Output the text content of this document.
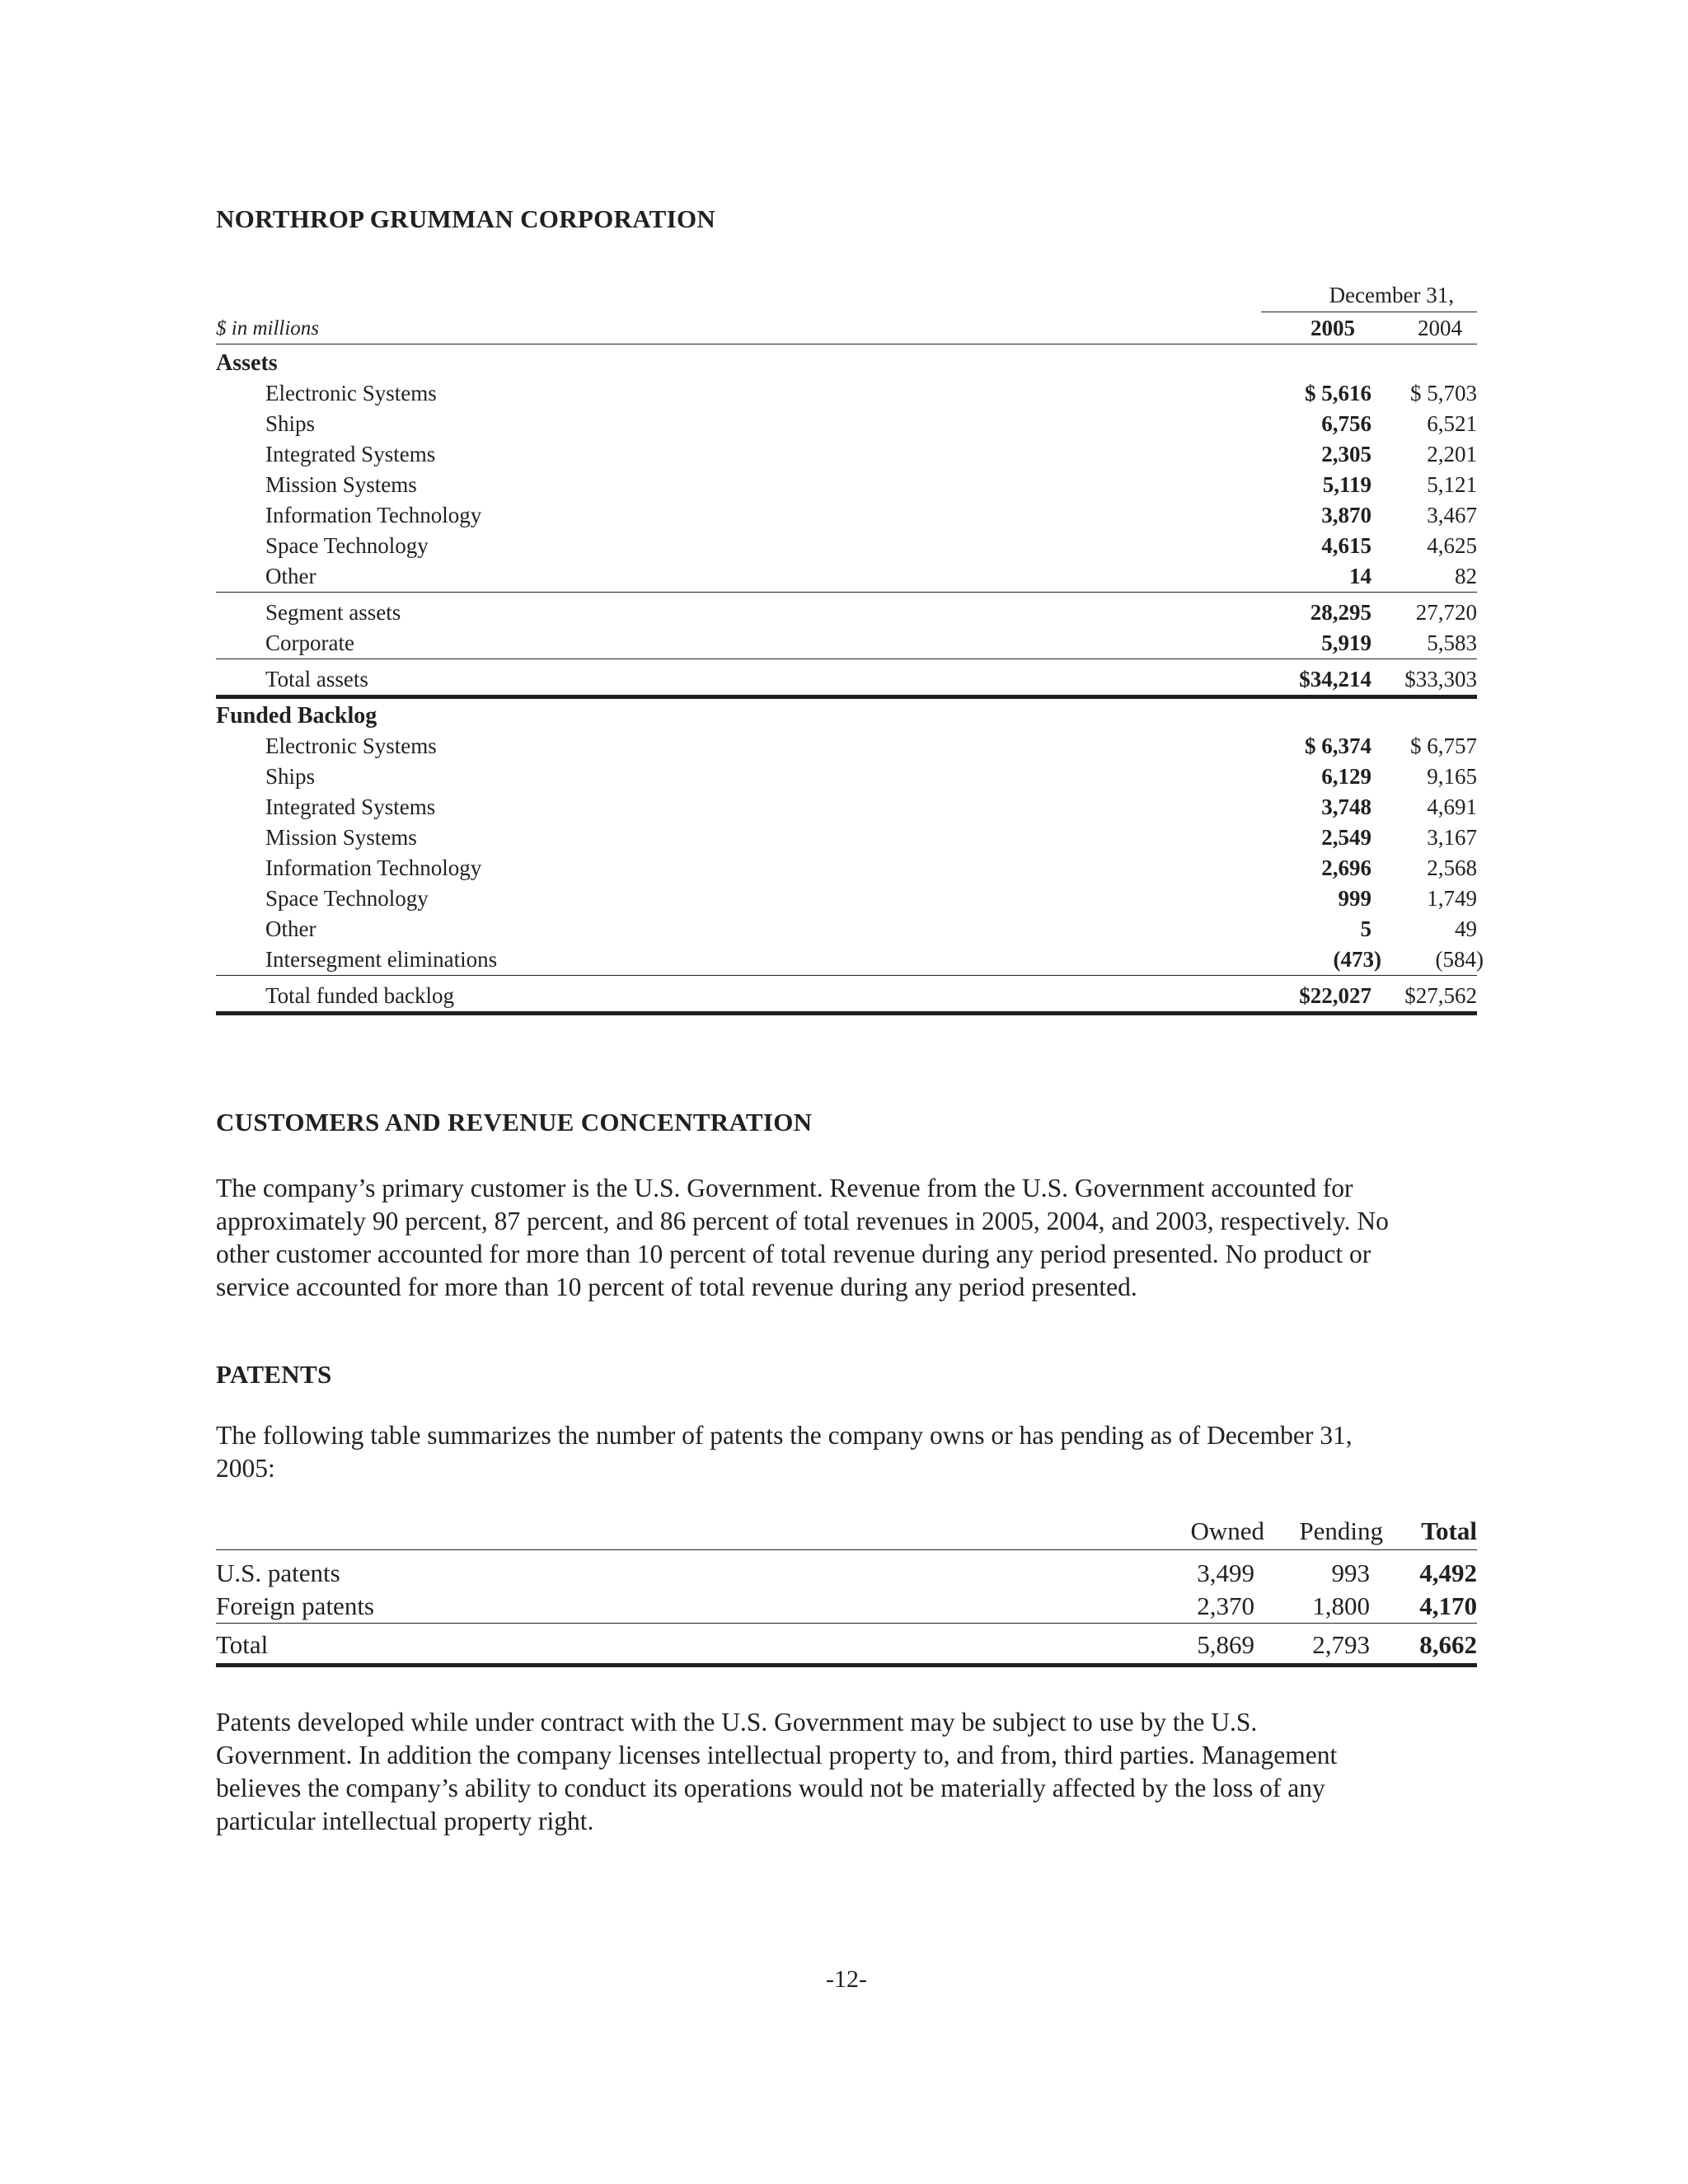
NORTHROP GRUMMAN CORPORATION
December 31,
$ in millions	2005	2004
Assets
Electronic Systems	$ 5,616 $ 5,703
Ships	6,756 6,521
Integrated Systems	2,305 2,201
Mission Systems	5,119 5,121
Information Technology	3,870 3,467
Space Technology	4,615 4,625
Other	14	82
Segment assets	28,295 27,720
Corporate	5,919 5,583
Total assets	$34,214 $33,303
Funded Backlog
Electronic Systems	$ 6,374 $ 6,757
Ships	6,129 9,165
Integrated Systems	3,748 4,691
Mission Systems	2,549 3,167
Information Technology	2,696 2,568
Space Technology	999 1,749
Other	5	49
Intersegment eliminations	(473) (584)
Total funded backlog	$22,027 $27,562
CUSTOMERS AND REVENUE CONCENTRATION
The company’s primary customer is the U.S. Government. Revenue from the U.S. Government accounted for
approximately 90 percent, 87 percent, and 86 percent of total revenues in 2005, 2004, and 2003, respectively. No
other customer accounted for more than 10 percent of total revenue during any period presented. No product or
service accounted for more than 10 percent of total revenue during any period presented.
PATENTS
The following table summarizes the number of patents the company owns or has pending as of December 31,
2005:
Owned Pending Total
U.S. patents	3,499	993 4,492
Foreign patents	2,370 1,800 4,170
Total	5,869 2,793 8,662
Patents developed while under contract with the U.S. Government may be subject to use by the U.S.
Government. In addition the company licenses intellectual property to, and from, third parties. Management
believes the company’s ability to conduct its operations would not be materially affected by the loss of any
particular intellectual property right.
-12-
